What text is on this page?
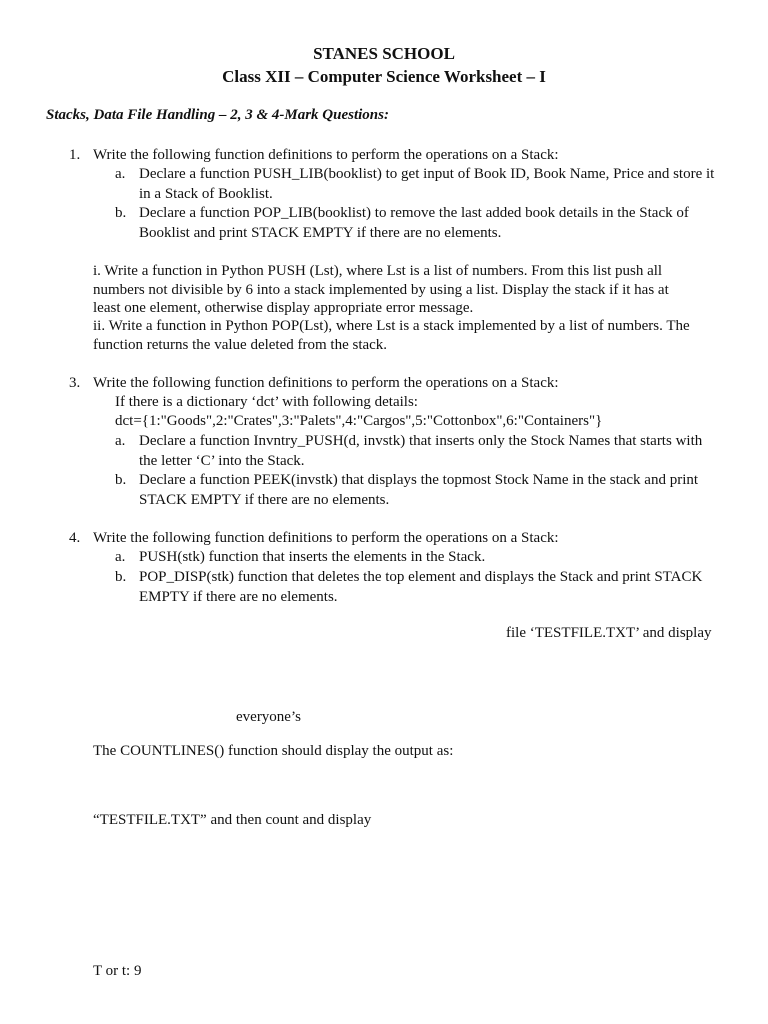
STANES SCHOOL
Class XII – Computer Science Worksheet – I
Stacks, Data File Handling – 2, 3 & 4-Mark Questions:
1. Write the following function definitions to perform the operations on a Stack:
a. Declare a function PUSH_LIB(booklist) to get input of Book ID, Book Name, Price and store it in a Stack of Booklist.
b. Declare a function POP_LIB(booklist) to remove the last added book details in the Stack of Booklist and print STACK EMPTY if there are no elements.
i. Write a function in Python PUSH (Lst), where Lst is a list of numbers. From this list push all numbers not divisible by 6 into a stack implemented by using a list. Display the stack if it has at least one element, otherwise display appropriate error message.
ii. Write a function in Python POP(Lst), where Lst is a stack implemented by a list of numbers. The function returns the value deleted from the stack.
3. Write the following function definitions to perform the operations on a Stack:
If there is a dictionary ‘dct’ with following details:
dct={1:"Goods",2:"Crates",3:"Palets",4:"Cargos",5:"Cottonbox",6:"Containers"}
a. Declare a function Invntry_PUSH(d, invstk) that inserts only the Stock Names that starts with the letter ‘C’ into the Stack.
b. Declare a function PEEK(invstk) that displays the topmost Stock Name in the stack and print STACK EMPTY if there are no elements.
4. Write the following function definitions to perform the operations on a Stack:
a. PUSH(stk) function that inserts the elements in the Stack.
b. POP_DISP(stk) function that deletes the top element and displays the Stack and print STACK EMPTY if there are no elements.
file ‘TESTFILE.TXT’ and display
everyone’s
The COUNTLINES() function should display the output as:
“TESTFILE.TXT” and then count and display
T or t: 9
